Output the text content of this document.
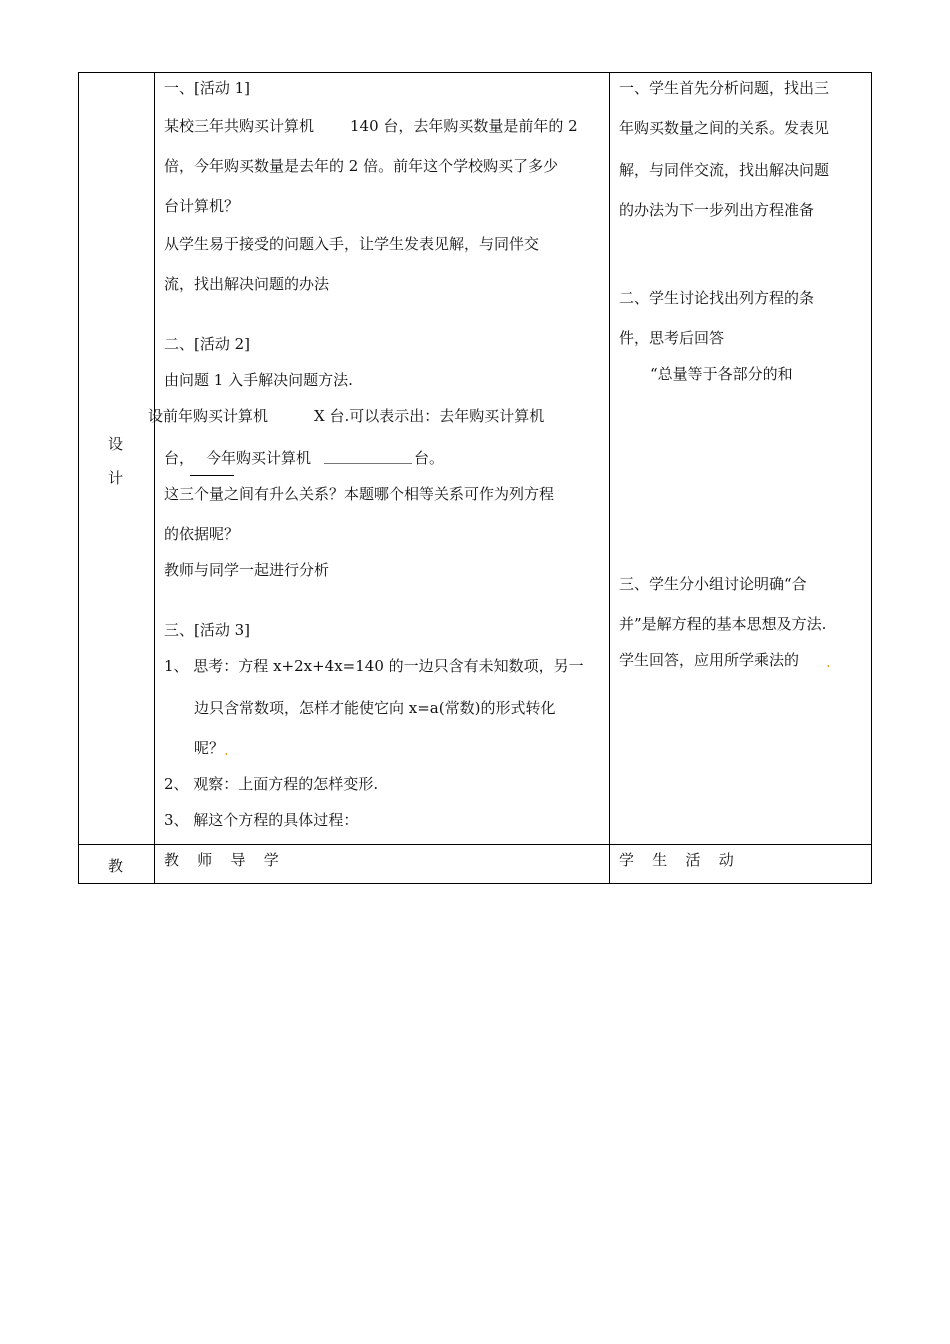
设
计
教
一、[活动 1]
某校三年共购买计算机 140 台，去年购买数量是前年的 2
倍，今年购买数量是去年的 2 倍。前年这个学校购买了多少
台计算机？
从学生易于接受的问题入手，让学生发表见解，与同伴交
流，找出解决问题的办法
二、[活动 2]
由问题 1 入手解决问题方法.
设前年购买计算机	X 台.可以表示出：去年购买计算机
台， 今年购买计算机	台。
这三个量之间有升么关系？本题哪个相等关系可作为列方程
的依据呢？
教师与同学一起进行分析
三、[活动 3]
1、 思考：方程 x+2x+4x=140 的一边只含有未知数项，另一
边只含常数项，怎样才能使它向 x=a(常数)的形式转化
呢？ .
2、 观察：上面方程的怎样变形.
3、 解这个方程的具体过程：
教 师 导 学
一、学生首先分析问题，找出三
年购买数量之间的关系。发表见
解，与同伴交流，找出解决问题
的办法为下一步列出方程准备
二、学生讨论找出列方程的条
件，思考后回答
“总量等于各部分的和
三、学生分小组讨论明确“合
并”是解方程的基本思想及方法.
学生回答，应用所学乘法的 .
学 生 活 动
